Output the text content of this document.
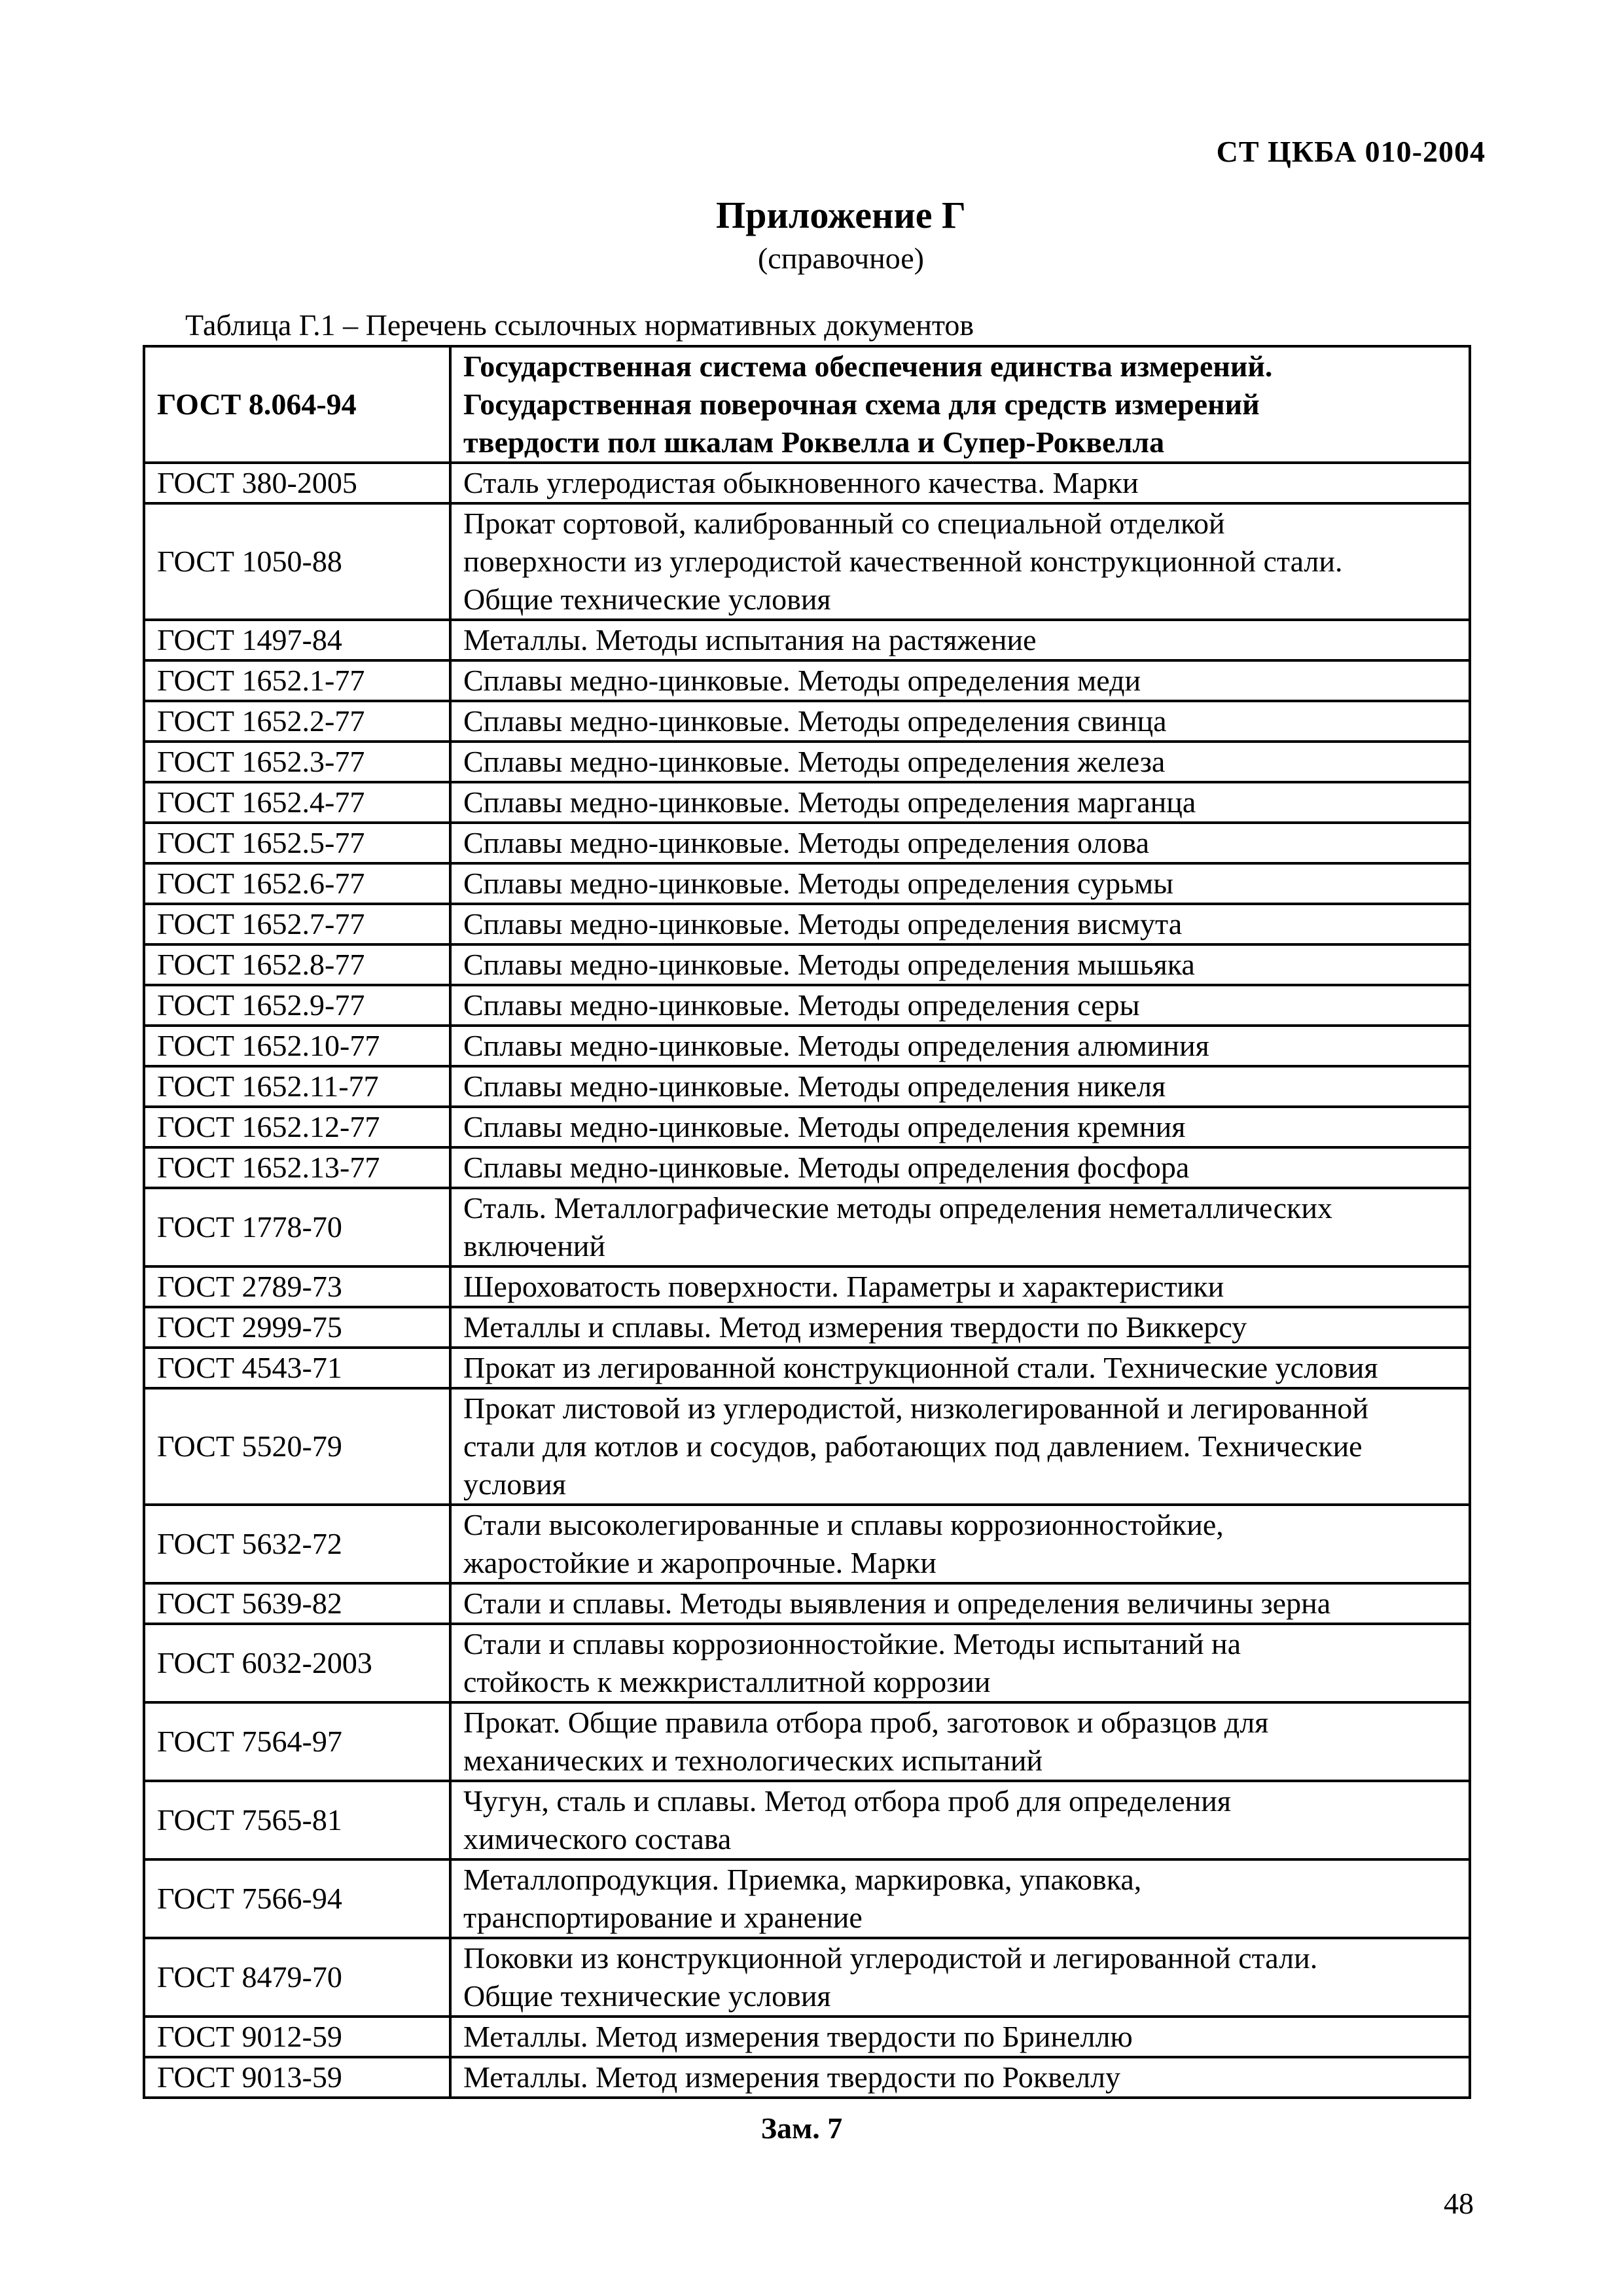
СТ ЦКБА 010-2004
Приложение Г
(справочное)
Таблица Г.1 – Перечень ссылочных нормативных документов
ГОСТ 8.064-94	Государственная система обеспечения единства измерений.
Государственная поверочная схема для средств измерений
твердости пол шкалам Роквелла и Супер-Роквелла
ГОСТ 380-2005	Сталь углеродистая обыкновенного качества. Марки
ГОСТ 1050-88	Прокат сортовой, калиброванный со специальной отделкой
поверхности из углеродистой качественной конструкционной стали.
Общие технические условия
ГОСТ 1497-84	Металлы. Методы испытания на растяжение
ГОСТ 1652.1-77	Сплавы медно-цинковые. Методы определения меди
ГОСТ 1652.2-77	Сплавы медно-цинковые. Методы определения свинца
ГОСТ 1652.3-77	Сплавы медно-цинковые. Методы определения железа
ГОСТ 1652.4-77	Сплавы медно-цинковые. Методы определения марганца
ГОСТ 1652.5-77	Сплавы медно-цинковые. Методы определения олова
ГОСТ 1652.6-77	Сплавы медно-цинковые. Методы определения сурьмы
ГОСТ 1652.7-77	Сплавы медно-цинковые. Методы определения висмута
ГОСТ 1652.8-77	Сплавы медно-цинковые. Методы определения мышьяка
ГОСТ 1652.9-77	Сплавы медно-цинковые. Методы определения серы
ГОСТ 1652.10-77	Сплавы медно-цинковые. Методы определения алюминия
ГОСТ 1652.11-77	Сплавы медно-цинковые. Методы определения никеля
ГОСТ 1652.12-77	Сплавы медно-цинковые. Методы определения кремния
ГОСТ 1652.13-77	Сплавы медно-цинковые. Методы определения фосфора
ГОСТ 1778-70	Сталь. Металлографические методы определения неметаллических
включений
ГОСТ 2789-73	Шероховатость поверхности. Параметры и характеристики
ГОСТ 2999-75	Металлы и сплавы. Метод измерения твердости по Виккерсу
ГОСТ 4543-71	Прокат из легированной конструкционной стали. Технические условия
ГОСТ 5520-79	Прокат листовой из углеродистой, низколегированной и легированной
стали для котлов и сосудов, работающих под давлением. Технические
условия
ГОСТ 5632-72	Стали высоколегированные и сплавы коррозионностойкие,
жаростойкие и жаропрочные. Марки
ГОСТ 5639-82	Стали и сплавы. Методы выявления и определения величины зерна
ГОСТ 6032-2003	Стали и сплавы коррозионностойкие. Методы испытаний на
стойкость к межкристаллитной коррозии
ГОСТ 7564-97	Прокат. Общие правила отбора проб, заготовок и образцов для
механических и технологических испытаний
ГОСТ 7565-81	Чугун, сталь и сплавы. Метод отбора проб для определения
химического состава
ГОСТ 7566-94	Металлопродукция. Приемка, маркировка, упаковка,
транспортирование и хранение
ГОСТ 8479-70	Поковки из конструкционной углеродистой и легированной стали.
Общие технические условия
ГОСТ 9012-59	Металлы. Метод измерения твердости по Бринеллю
ГОСТ 9013-59	Металлы. Метод измерения твердости по Роквеллу
Зам. 7
48
